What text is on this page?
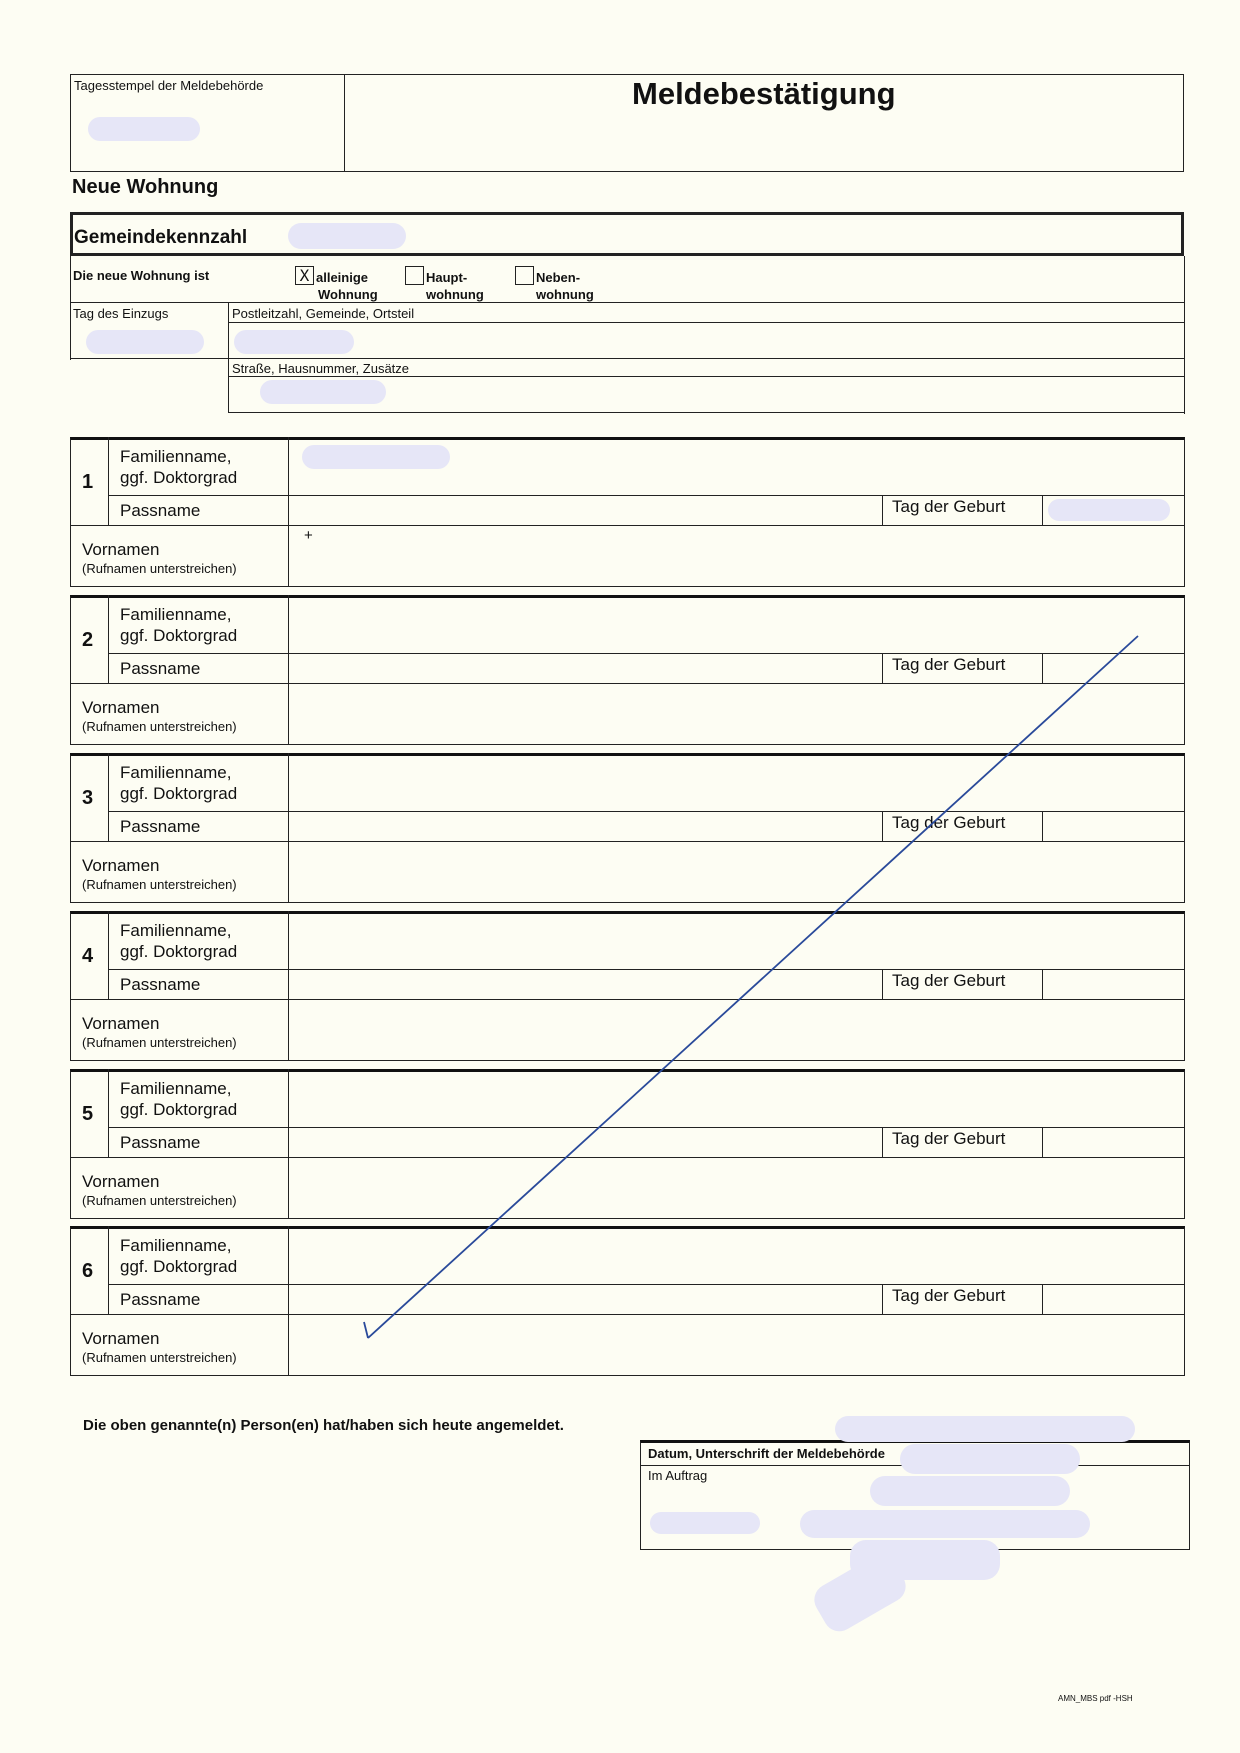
Tagesstempel der Meldebehörde	Meldebestätigung
Neue Wohnung
Gemeindekennzahl
Die neue Wohnung ist	X alleinige
Wohnung
Haupt-
wohnung
Neben-
wohnung
Tag des Einzugs	Postleitzahl, Gemeinde, Ortsteil
Straße, Hausnummer, Zusätze
1
Familienname,
ggf. Doktorgrad
Passname	Tag der Geburt
Vornamen
(Rufnamen unterstreichen)
+
2
Familienname,
ggf. Doktorgrad
Passname	Tag der Geburt
Vornamen
(Rufnamen unterstreichen)
3
Familienname,
ggf. Doktorgrad
Passname	Tag der Geburt
Vornamen
(Rufnamen unterstreichen)
4
Familienname,
ggf. Doktorgrad
Passname	Tag der Geburt
Vornamen
(Rufnamen unterstreichen)
5
Familienname,
ggf. Doktorgrad
Passname	Tag der Geburt
Vornamen
(Rufnamen unterstreichen)
6
Familienname,
ggf. Doktorgrad
Passname	Tag der Geburt
Vornamen
(Rufnamen unterstreichen)
Die oben genannte(n) Person(en) hat/haben sich heute angemeldet.
Datum, Unterschrift der Meldebehörde
Im Auftrag
AMN_MBS pdf -HSH
